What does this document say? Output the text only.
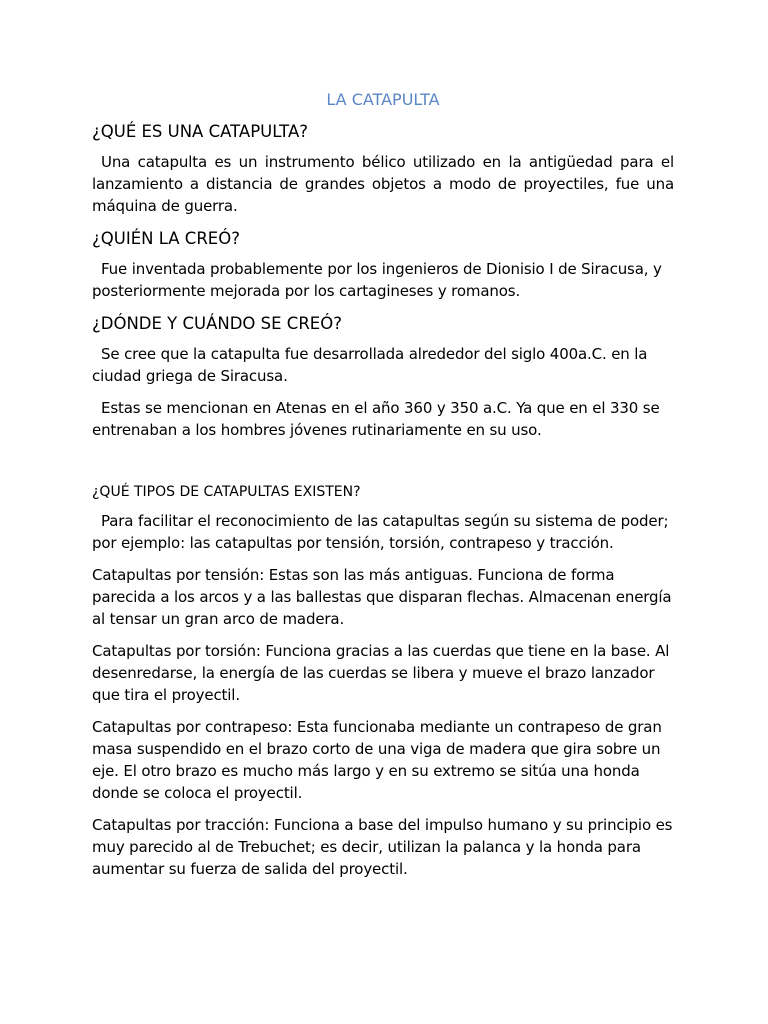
LA CATAPULTA
¿QUÉ ES UNA CATAPULTA?
Una catapulta es un instrumento bélico utilizado en la antigüedad para el lanzamiento a distancia de grandes objetos a modo de proyectiles, fue una máquina de guerra.
¿QUIÉN LA CREÓ?
Fue inventada probablemente por los ingenieros de Dionisio I de Siracusa, y posteriormente mejorada por los cartagineses y romanos.
¿DÓNDE Y CUÁNDO SE CREÓ?
Se cree que la catapulta fue desarrollada alrededor del siglo 400a.C. en la ciudad griega de Siracusa.
Estas se mencionan en Atenas en el año 360 y 350 a.C. Ya que en el 330 se entrenaban a los hombres jóvenes rutinariamente en su uso.
¿QUÉ TIPOS DE CATAPULTAS EXISTEN?
Para facilitar el reconocimiento de las catapultas según su sistema de poder; por ejemplo: las catapultas por tensión, torsión, contrapeso y tracción.
Catapultas por tensión: Estas son las más antiguas. Funciona de forma parecida a los arcos y a las ballestas que disparan flechas. Almacenan energía al tensar un gran arco de madera.
Catapultas por torsión: Funciona gracias a las cuerdas que tiene en la base. Al desenredarse, la energía de las cuerdas se libera y mueve el brazo lanzador que tira el proyectil.
Catapultas por contrapeso: Esta funcionaba mediante un contrapeso de gran masa suspendido en el brazo corto de una viga de madera que gira sobre un eje. El otro brazo es mucho más largo y en su extremo se sitúa una honda donde se coloca el proyectil.
Catapultas por tracción: Funciona a base del impulso humano y su principio es muy parecido al de Trebuchet; es decir, utilizan la palanca y la honda para aumentar su fuerza de salida del proyectil.
